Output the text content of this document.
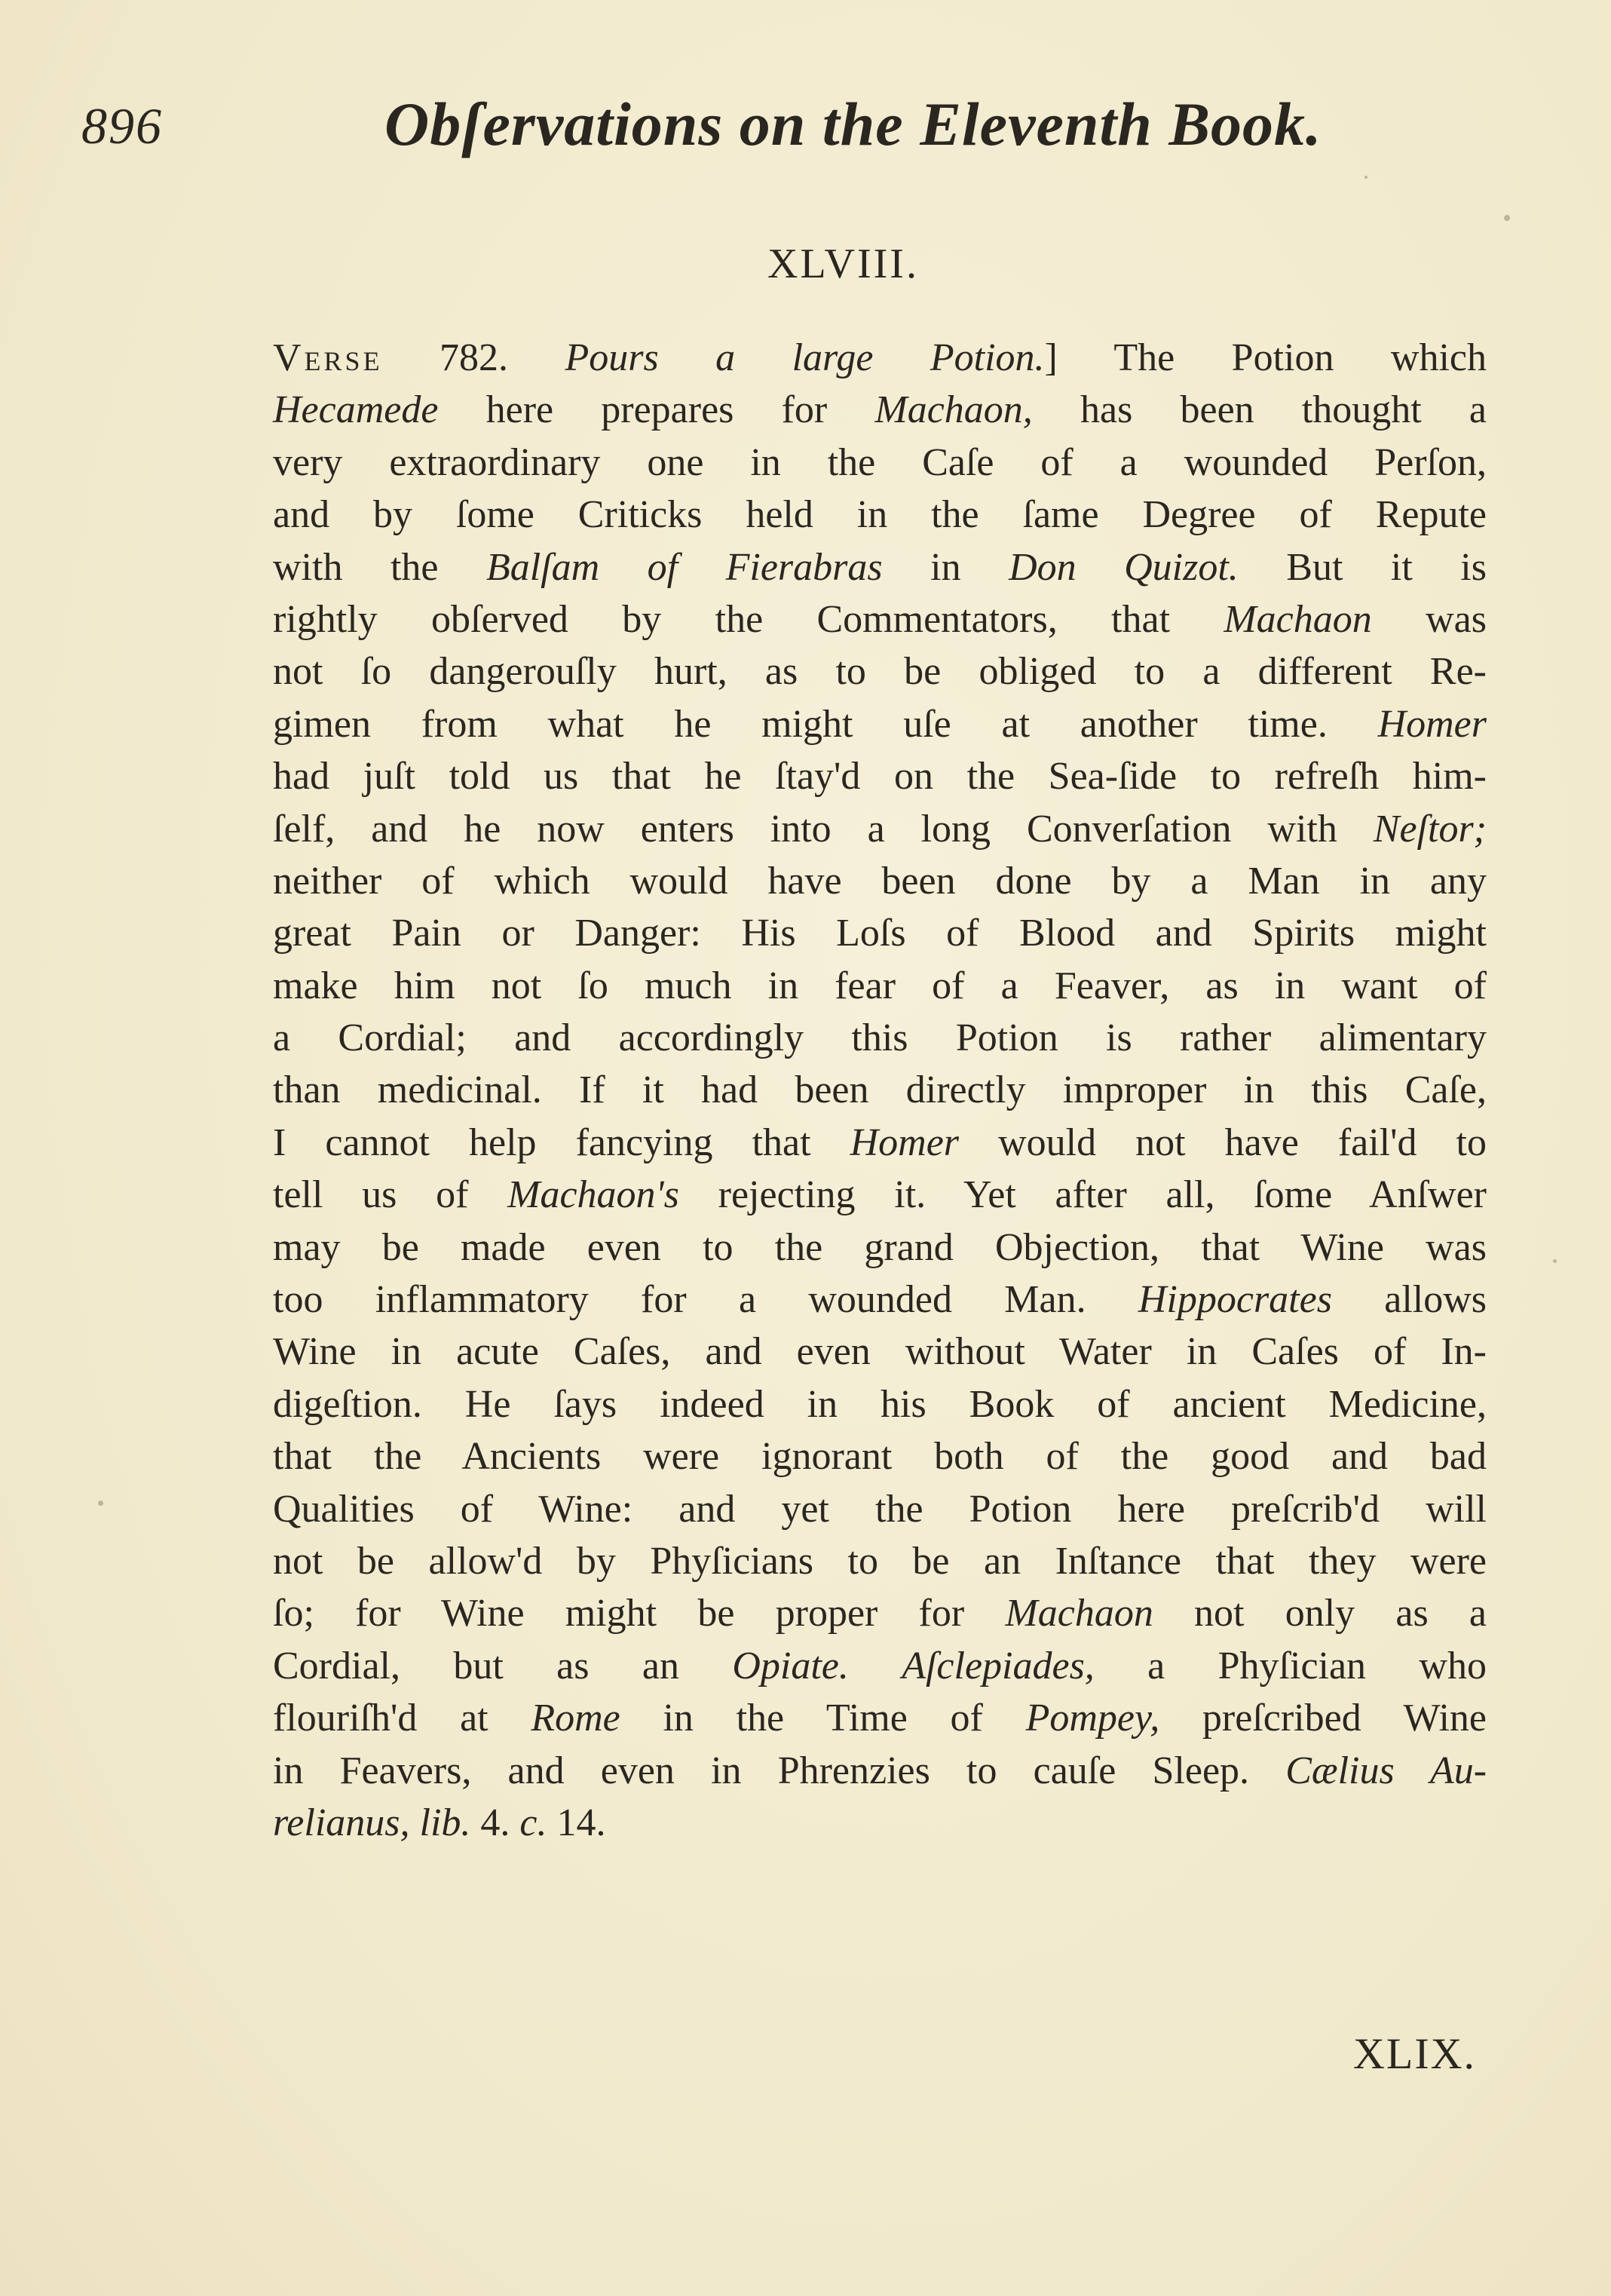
896	Obſervations on the Eleventh Book.
XLVIII.
Verse 782. Pours a large Potion.] The Potion which
Hecamede here prepares for Machaon, has been thought a
very extraordinary one in the Caſe of a wounded Perſon,
and by ſome Criticks held in the ſame Degree of Repute
with the Balſam of Fierabras in Don Quizot. But it is
rightly obſerved by the Commentators, that Machaon was
not ſo dangerouſly hurt, as to be obliged to a different Re-
gimen from what he might uſe at another time. Homer
had juſt told us that he ſtay'd on the Sea-ſide to refreſh him-
ſelf, and he now enters into a long Converſation with Neſtor;
neither of which would have been done by a Man in any
great Pain or Danger: His Loſs of Blood and Spirits might
make him not ſo much in fear of a Feaver, as in want of
a Cordial; and accordingly this Potion is rather alimentary
than medicinal. If it had been directly improper in this Caſe,
I cannot help fancying that Homer would not have fail'd to
tell us of Machaon's rejecting it. Yet after all, ſome Anſwer
may be made even to the grand Objection, that Wine was
too inflammatory for a wounded Man. Hippocrates allows
Wine in acute Caſes, and even without Water in Caſes of In-
digeſtion. He ſays indeed in his Book of ancient Medicine,
that the Ancients were ignorant both of the good and bad
Qualities of Wine: and yet the Potion here preſcrib'd will
not be allow'd by Phyſicians to be an Inſtance that they were
ſo; for Wine might be proper for Machaon not only as a
Cordial, but as an Opiate. Aſclepiades, a Phyſician who
flouriſh'd at Rome in the Time of Pompey, preſcribed Wine
in Feavers, and even in Phrenzies to cauſe Sleep. Cælius Au-
relianus, lib. 4. c. 14.
XLIX.
